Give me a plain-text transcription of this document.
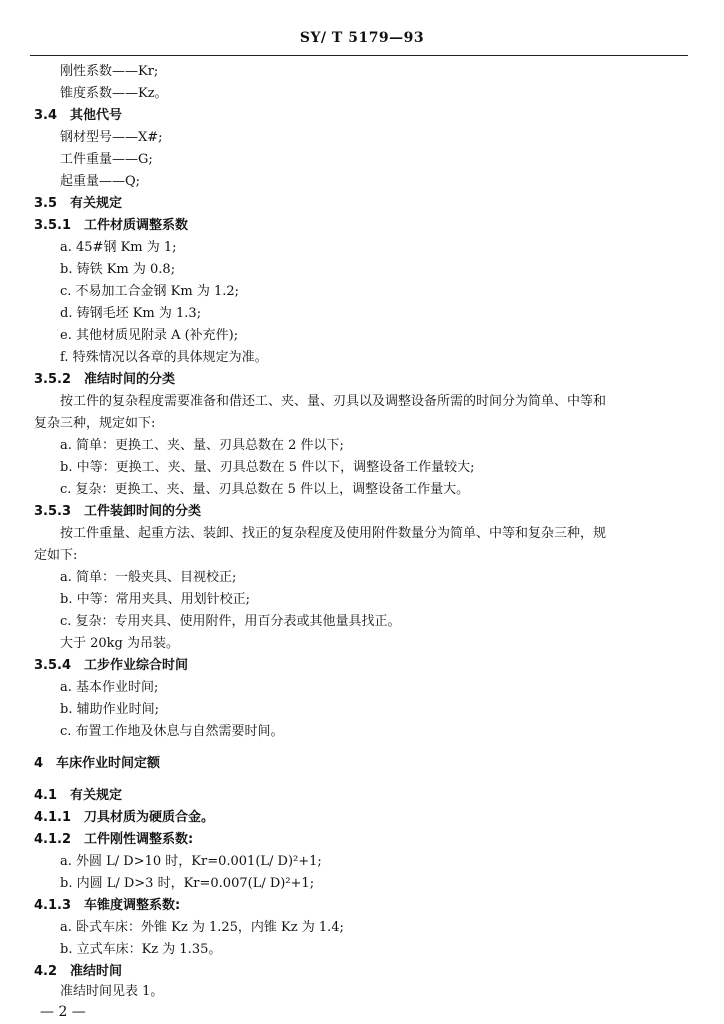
SY/ T 5179—93
刚性系数——Kr;
锥度系数——Kz。
3.4　其他代号
钢材型号——X#;
工件重量——G;
起重量——Q;
3.5　有关规定
3.5.1　工件材质调整系数
a. 45#钢 Km 为 1;
b. 铸铁 Km 为 0.8;
c. 不易加工合金钢 Km 为 1.2;
d. 铸钢毛坯 Km 为 1.3;
e. 其他材质见附录 A (补充件);
f. 特殊情况以各章的具体规定为准。
3.5.2　准结时间的分类
按工件的复杂程度需要准备和借还工、夹、量、刃具以及调整设备所需的时间分为简单、中等和
复杂三种，规定如下:
a. 简单：更换工、夹、量、刃具总数在 2 件以下;
b. 中等：更换工、夹、量、刃具总数在 5 件以下，调整设备工作量较大;
c. 复杂：更换工、夹、量、刃具总数在 5 件以上，调整设备工作量大。
3.5.3　工件装卸时间的分类
按工件重量、起重方法、装卸、找正的复杂程度及使用附件数量分为简单、中等和复杂三种，规
定如下:
a. 简单：一般夹具、目视校正;
b. 中等：常用夹具、用划针校正;
c. 复杂：专用夹具、使用附件，用百分表或其他量具找正。
大于 20kg 为吊装。
3.5.4　工步作业综合时间
a. 基本作业时间;
b. 辅助作业时间;
c. 布置工作地及休息与自然需要时间。
4　车床作业时间定额
4.1　有关规定
4.1.1　刀具材质为硬质合金。
4.1.2　工件刚性调整系数:
a. 外圆 L/ D>10 时，Kr=0.001(L/ D)²+1;
b. 内圆 L/ D>3 时，Kr=0.007(L/ D)²+1;
4.1.3　车锥度调整系数:
a. 卧式车床：外锥 Kz 为 1.25，内锥 Kz 为 1.4;
b. 立式车床：Kz 为 1.35。
4.2　准结时间
准结时间见表 1。
— 2 —
